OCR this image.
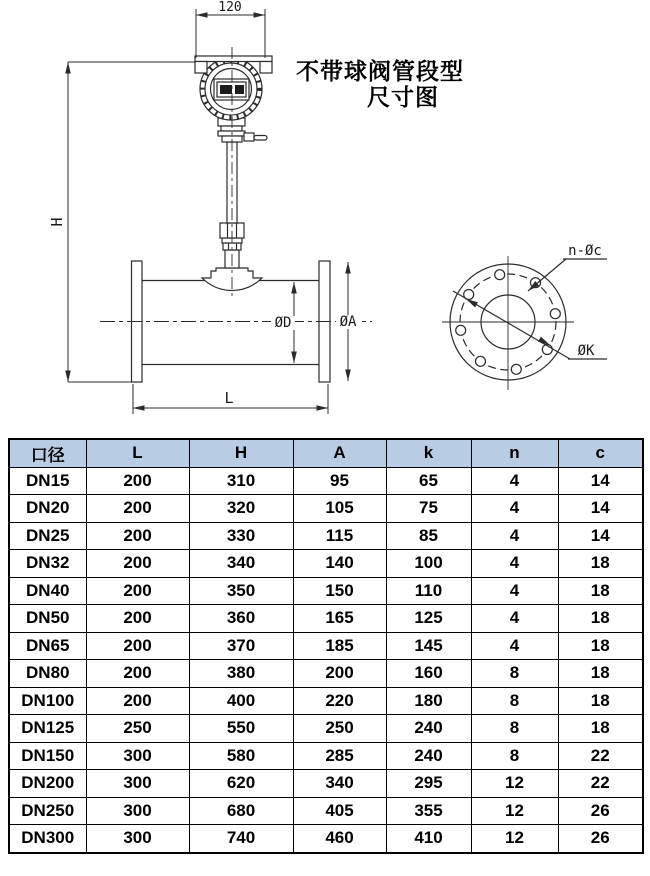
120
H
ØD	ØA
L
n-Øc
ØK
不带球阀管段型
尺寸图
口径	L	H	A	k	n	c
DN15	200	310	95	65	4	14
DN20	200	320	105	75	4	14
DN25	200	330	115	85	4	14
DN32	200	340	140	100	4	18
DN40	200	350	150	110	4	18
DN50	200	360	165	125	4	18
DN65	200	370	185	145	4	18
DN80	200	380	200	160	8	18
DN100	200	400	220	180	8	18
DN125	250	550	250	240	8	18
DN150	300	580	285	240	8	22
DN200	300	620	340	295	12	22
DN250	300	680	405	355	12	26
DN300	300	740	460	410	12	26
